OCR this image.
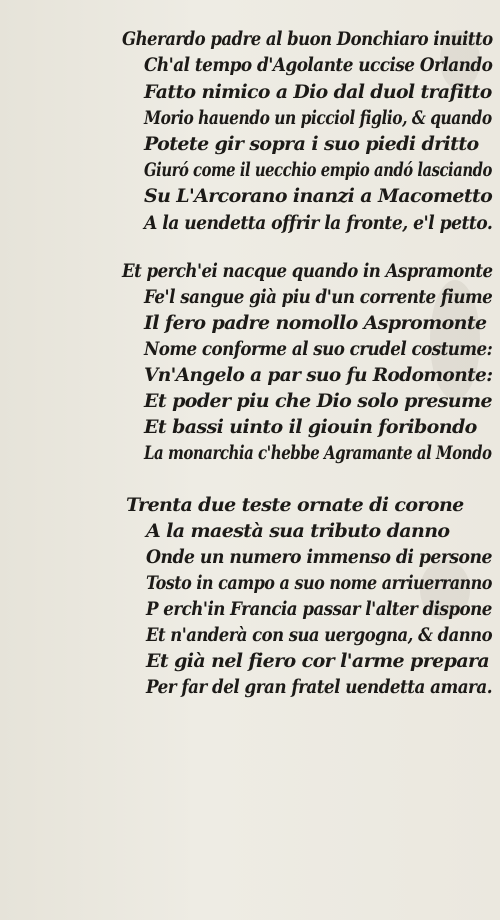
Gherardo padre al buon Donchiaro inuitto
Ch'al tempo d'Agolante uccise Orlando
Fatto nimico a Dio dal duol trafitto
Morio hauendo un picciol figlio, & quando
Potete gir sopra i suo piedi dritto
Giuró come il uecchio empio andó lasciando
Su L'Arcorano inanzi a Macometto
A la uendetta offrir la fronte, e'l petto.
Et perch'ei nacque quando in Aspramonte
Fe'l sangue già piu d'un corrente fiume
Il fero padre nomollo Aspromonte
Nome conforme al suo crudel costume:
Vn'Angelo a par suo fu Rodomonte:
Et poder piu che Dio solo presume
Et bassi uinto il giouin foribondo
La monarchia c'hebbe Agramante al Mondo
Trenta due teste ornate di corone
A la maestà sua tributo danno
Onde un numero immenso di persone
Tosto in campo a suo nome arriuerranno
P erch'in Francia passar l'alter dispone
Et n'anderà con sua uergogna, & danno
Et già nel fiero cor l'arme prepara
Per far del gran fratel uendetta amara.
